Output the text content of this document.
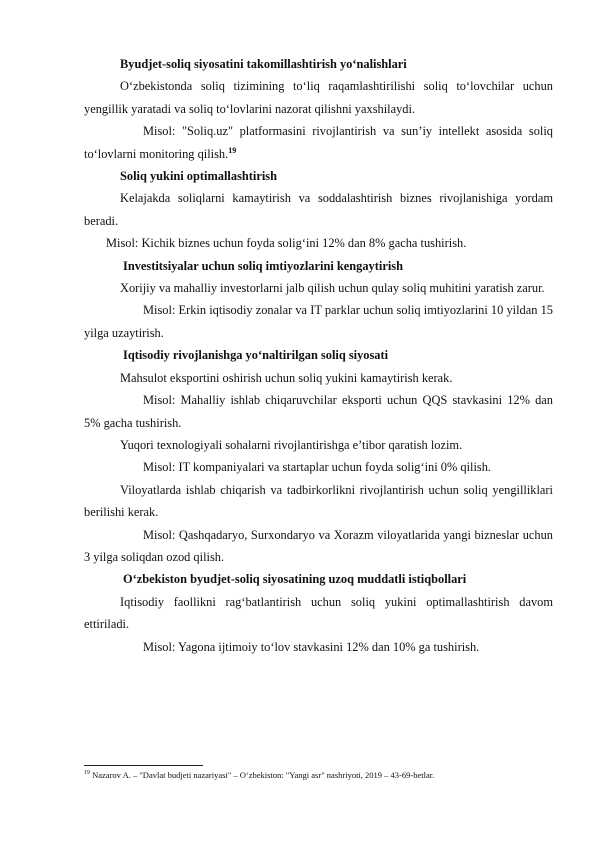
Byudjet-soliq siyosatini takomillashtirish yo‘nalishlari

O‘zbekistonda soliq tizimining to‘liq raqamlashtirilishi soliq to‘lovchilar uchun yengillik yaratadi va soliq to‘lovlarini nazorat qilishni yaxshilaydi.

Misol: "Soliq.uz" platformasini rivojlantirish va sun’iy intellekt asosida soliq to‘lovlarni monitoring qilish.$^{19}$

Soliq yukini optimallashtirish

Kelajakda soliqlarni kamaytirish va soddalashtirish biznes rivojlanishiga yordam beradi.

Misol: Kichik biznes uchun foyda solig‘ini 12% dan 8% gacha tushirish.

Investitsiyalar uchun soliq imtiyozlarini kengaytirish

Xorijiy va mahalliy investorlarni jalb qilish uchun qulay soliq muhitini yaratish zarur.

Misol: Erkin iqtisodiy zonalar va IT parklar uchun soliq imtiyozlarini 10 yildan 15 yilga uzaytirish.

Iqtisodiy rivojlanishga yo‘naltirilgan soliq siyosati

Mahsulot eksportini oshirish uchun soliq yukini kamaytirish kerak.

Misol: Mahalliy ishlab chiqaruvchilar eksporti uchun QQS stavkasini 12% dan 5% gacha tushirish.

Yuqori texnologiyali sohalarni rivojlantirishga e’tibor qaratish lozim.

Misol: IT kompaniyalari va startaplar uchun foyda solig‘ini 0% qilish.

Viloyatlarda ishlab chiqarish va tadbirkorlikni rivojlantirish uchun soliq yengilliklari berilishi kerak.

Misol: Qashqadaryo, Surxondaryo va Xorazm viloyatlarida yangi bizneslar uchun 3 yilga soliqdan ozod qilish.

O‘zbekiston byudjet-soliq siyosatining uzoq muddatli istiqbollari

Iqtisodiy faollikni rag‘batlantirish uchun soliq yukini optimallashtirish davom ettiriladi.

Misol: Yagona ijtimoiy to‘lov stavkasini 12% dan 10% ga tushirish.

$^{19}$ Nazarov A. – "Davlat budjeti nazariyasi" – O‘zbekiston: "Yangi asr" nashriyoti, 2019 – 43-69-betlar.
